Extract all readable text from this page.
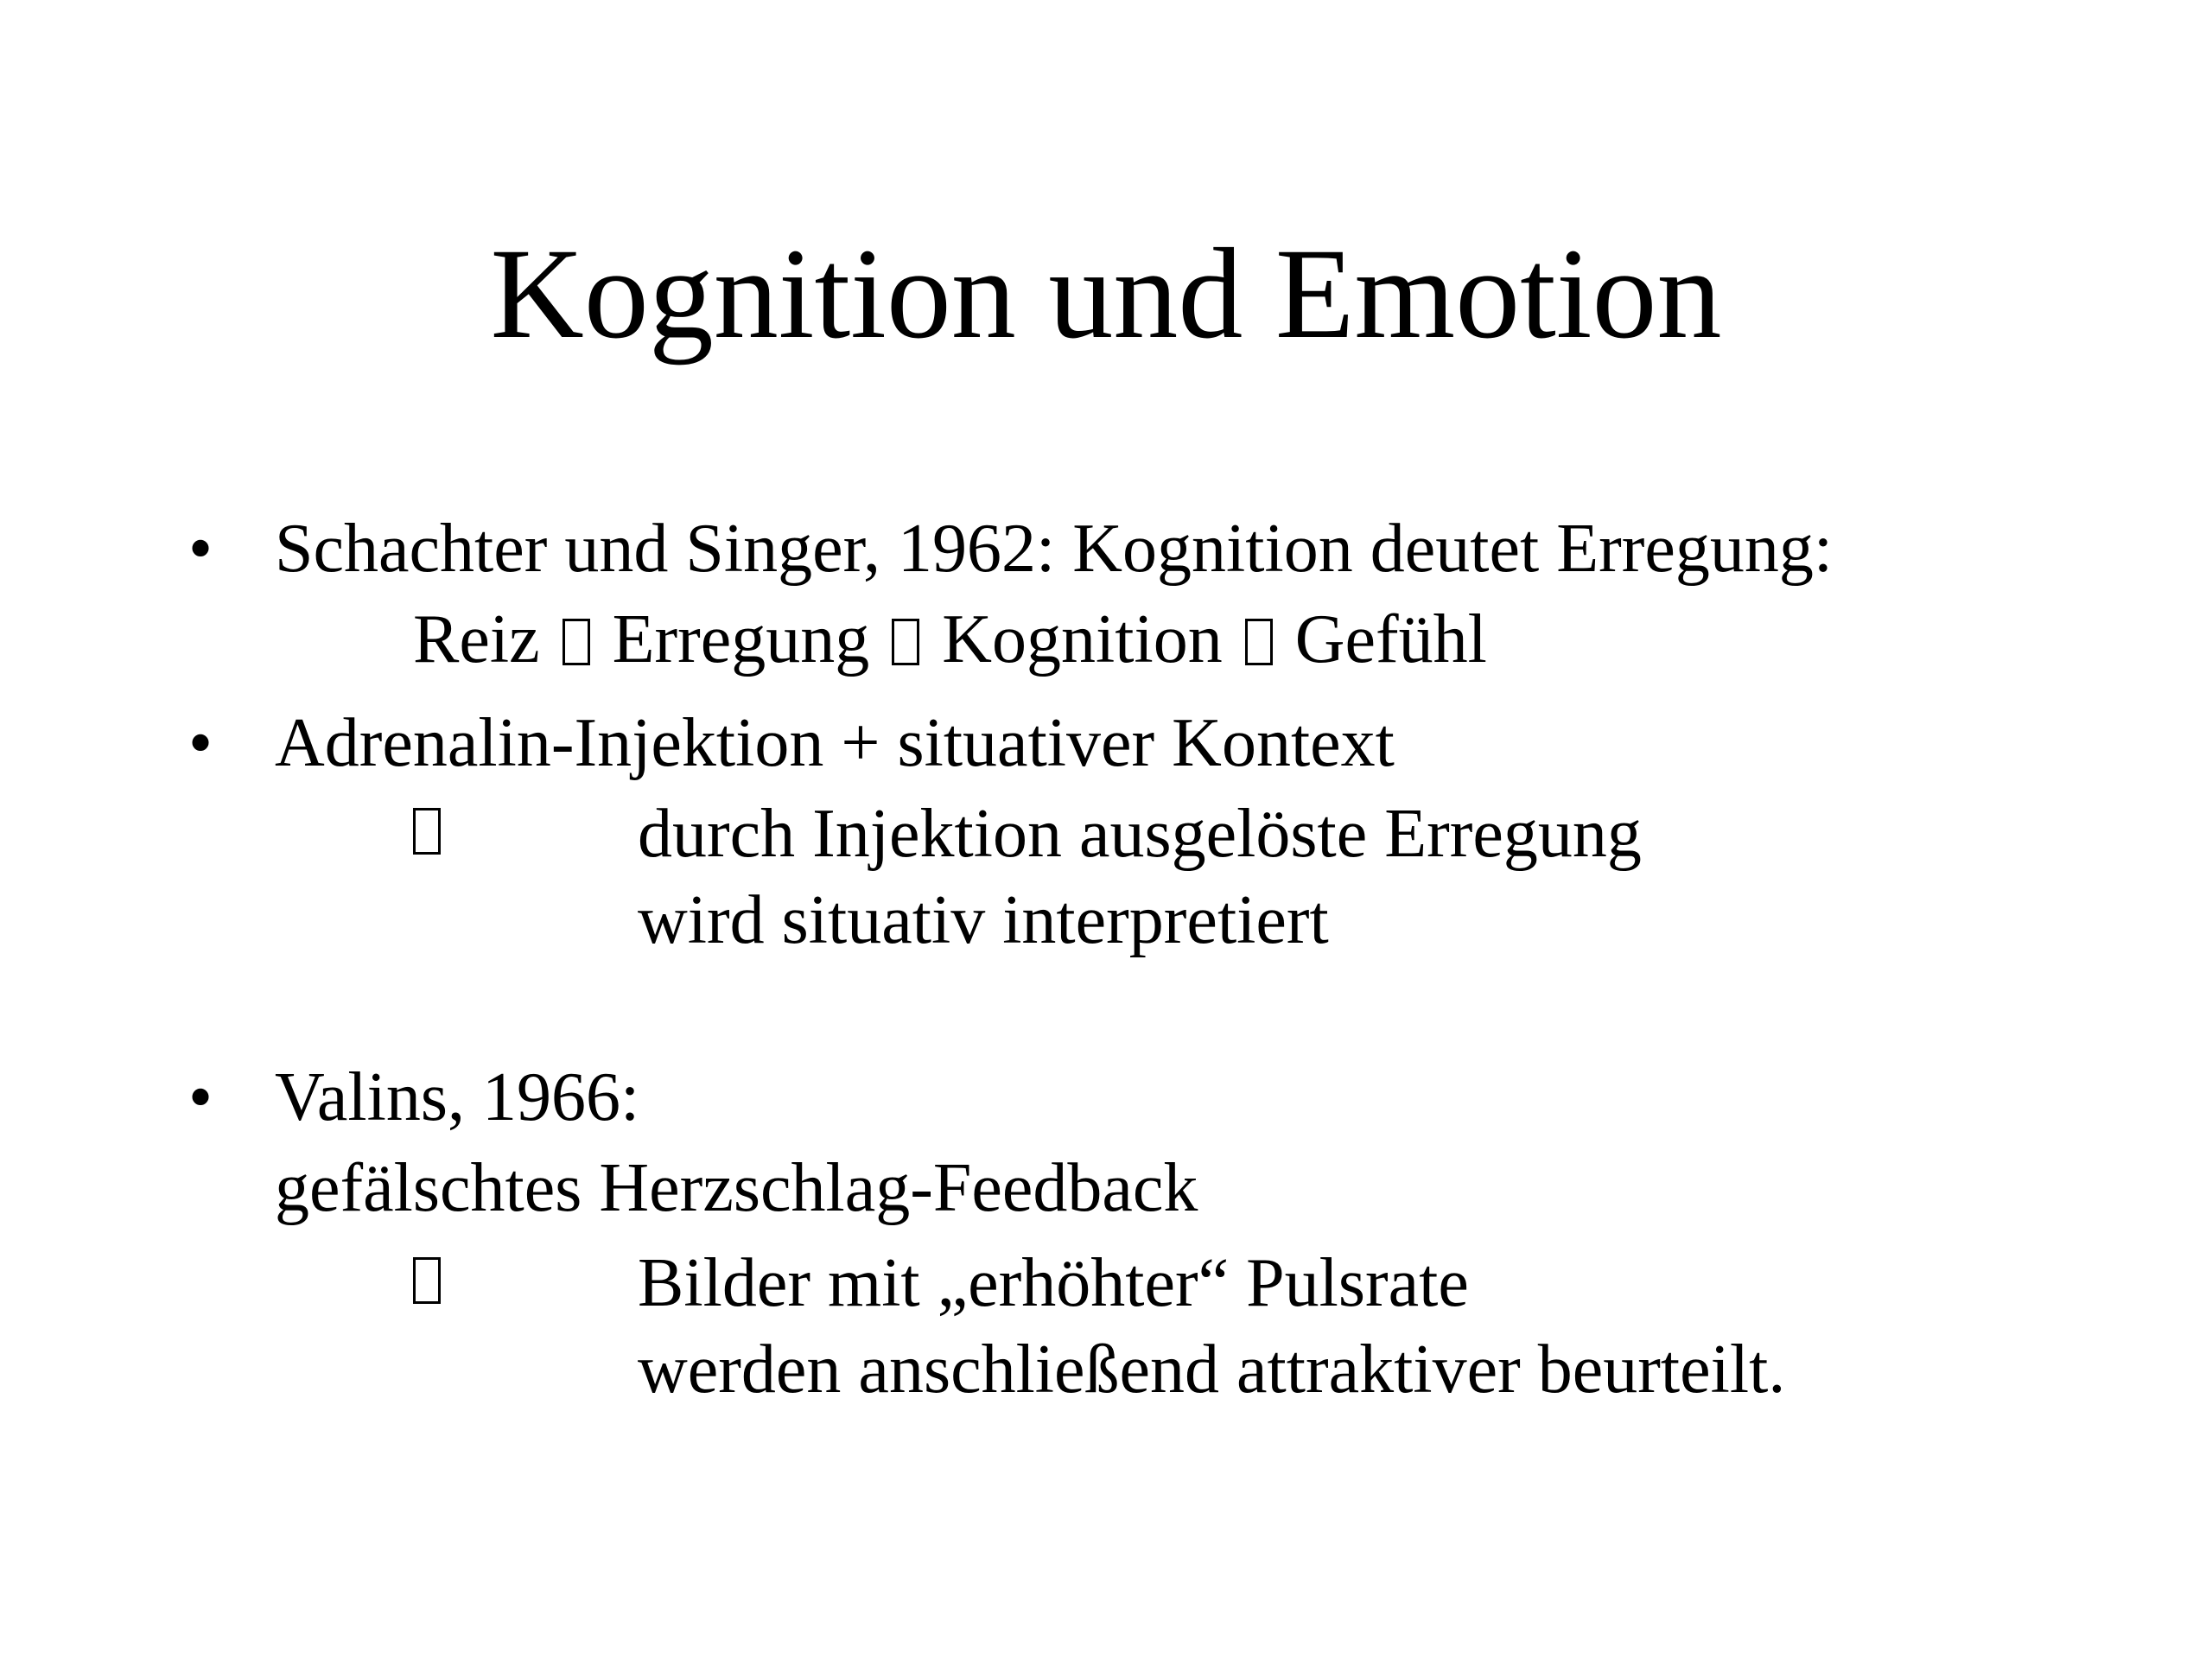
Kognition und Emotion
• Schachter und Singer, 1962: Kognition deutet Erregung:
Reiz Erregung Kognition Gefühl
• Adrenalin-Injektion + situativer Kontext
durch Injektion ausgelöste Erregung
wird situativ interpretiert
• Valins, 1966:
gefälschtes Herzschlag-Feedback
Bilder mit „erhöhter“ Pulsrate
werden anschließend attraktiver beurteilt.
